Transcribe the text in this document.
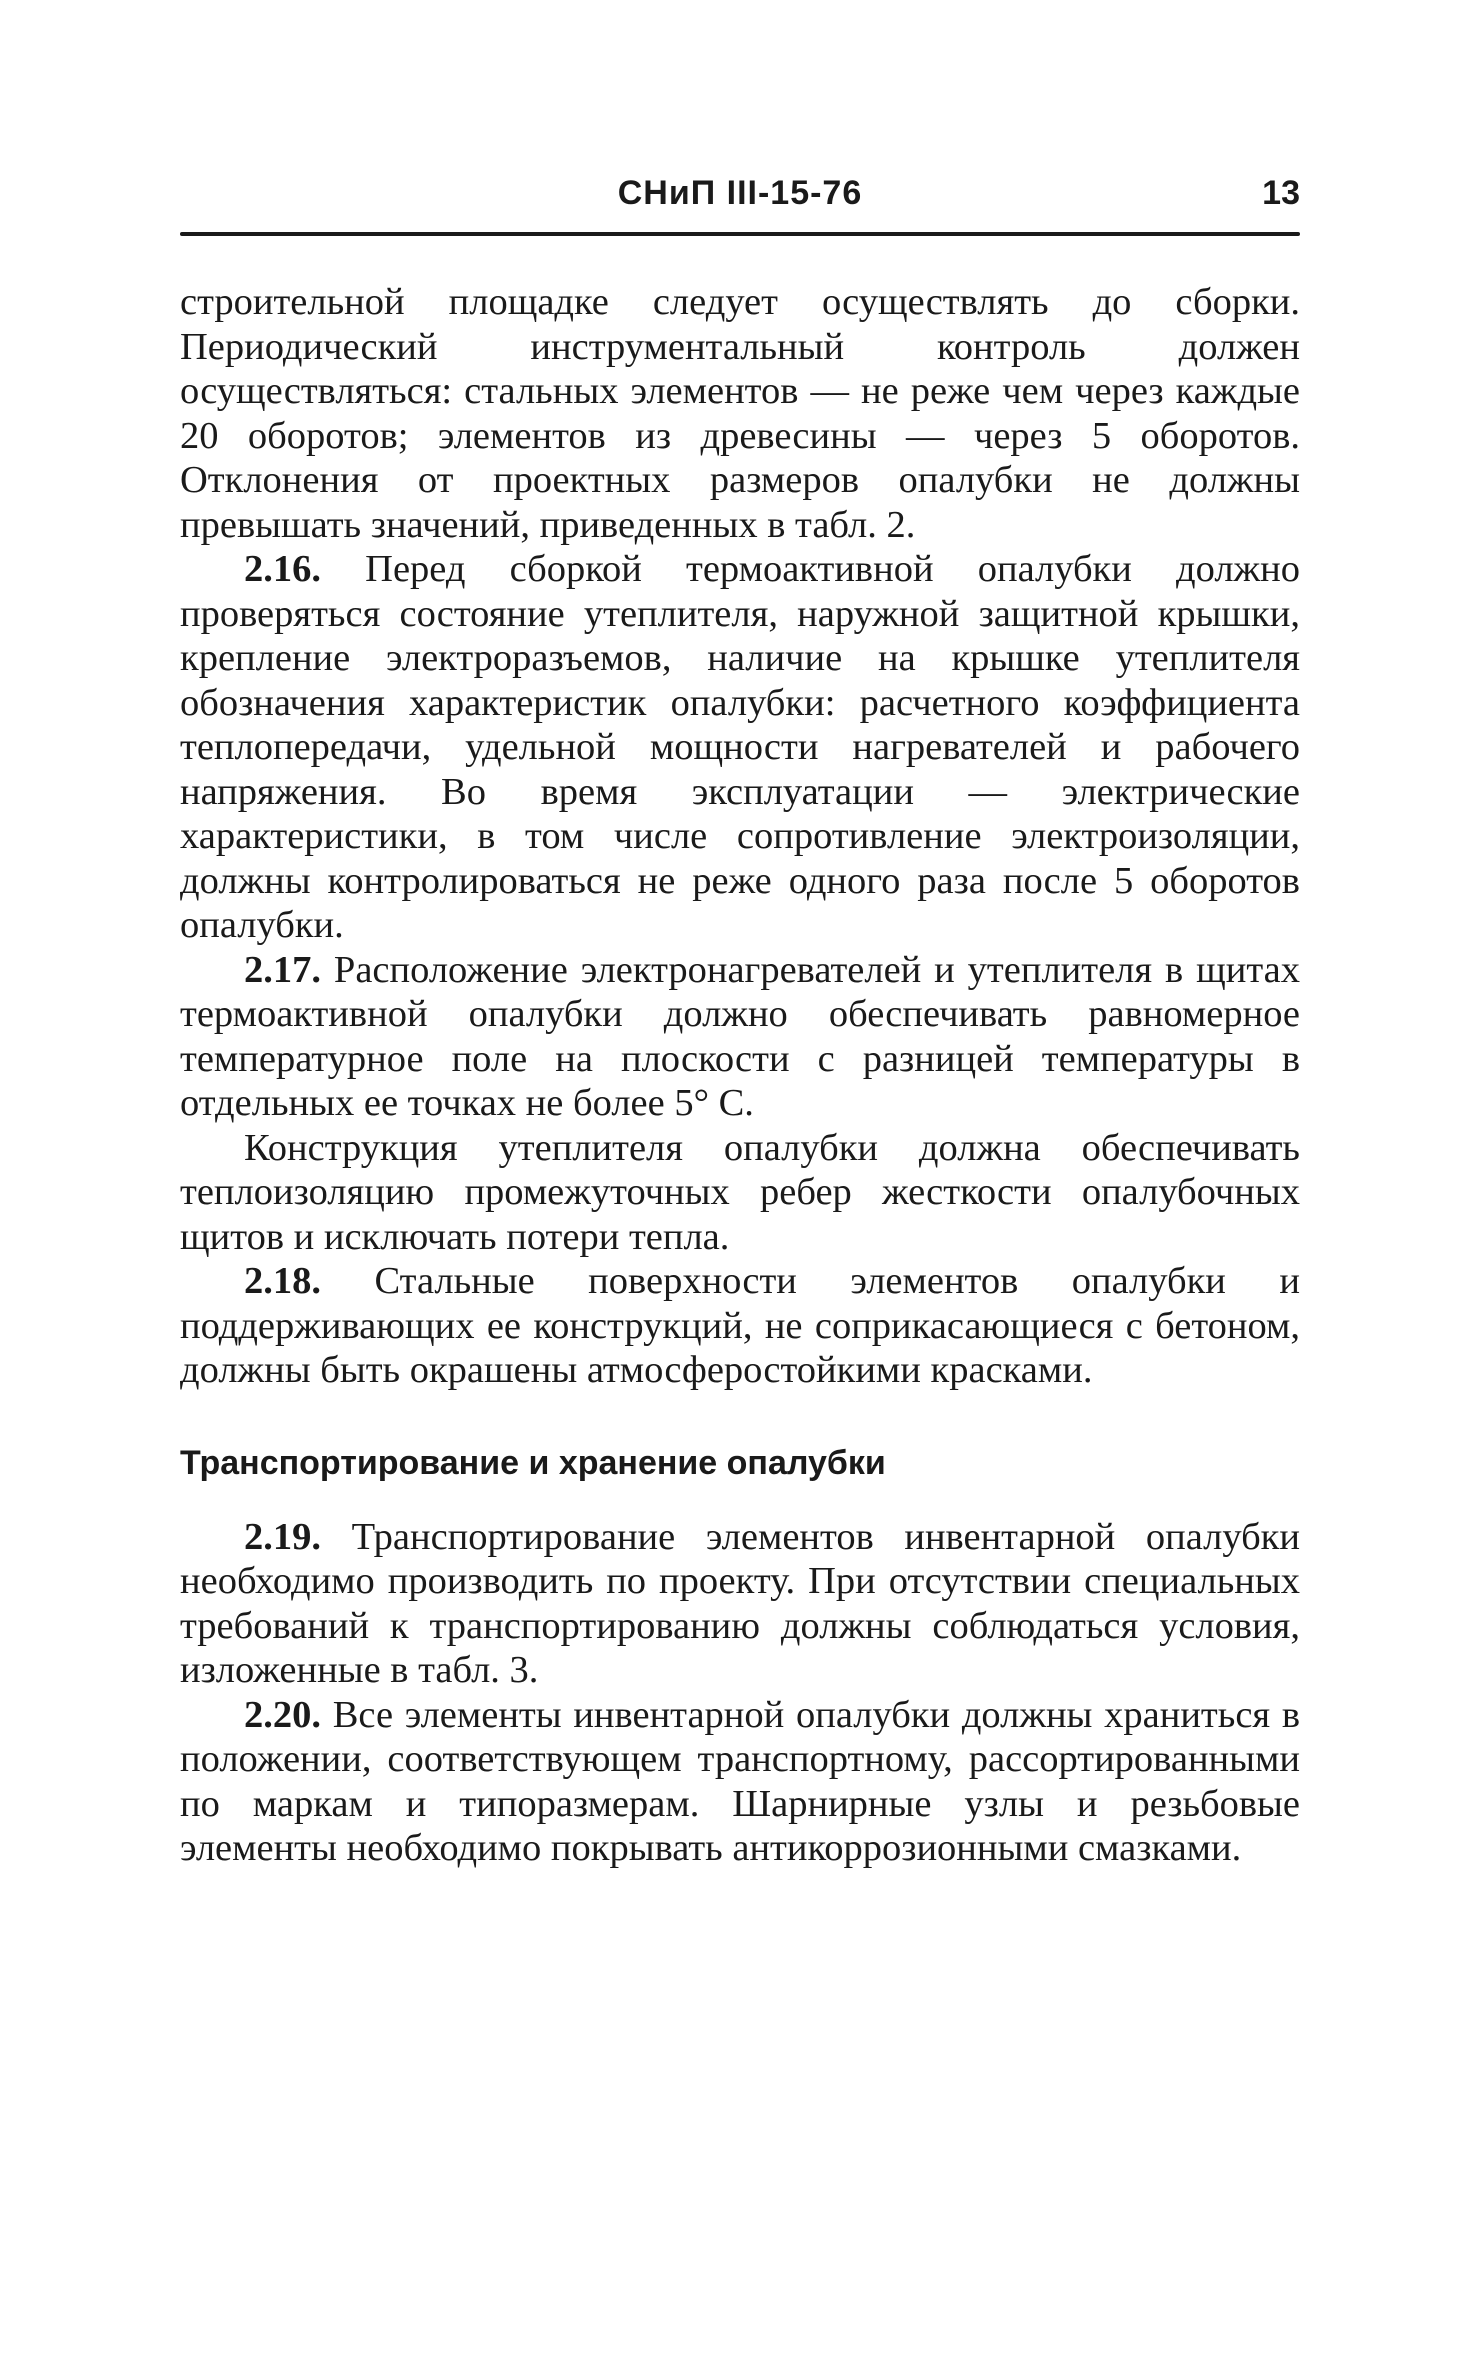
СНиП III-15-76	13

строительной площадке следует осуществлять до сборки. Периодический инструментальный контроль должен осуществляться: стальных элементов — не реже чем через каждые 20 оборотов; элементов из древесины — через 5 оборотов. Отклонения от проектных размеров опалубки не должны превышать значений, приведенных в табл. 2.

2.16. Перед сборкой термоактивной опалубки должно проверяться состояние утеплителя, наружной защитной крышки, крепление электроразъемов, наличие на крышке утеплителя обозначения характеристик опалубки: расчетного коэффициента теплопередачи, удельной мощности нагревателей и рабочего напряжения. Во время эксплуатации — электрические характеристики, в том числе сопротивление электроизоляции, должны контролироваться не реже одного раза после 5 оборотов опалубки.

2.17. Расположение электронагревателей и утеплителя в щитах термоактивной опалубки должно обеспечивать равномерное температурное поле на плоскости с разницей температуры в отдельных ее точках не более 5° С.

Конструкция утеплителя опалубки должна обеспечивать теплоизоляцию промежуточных ребер жесткости опалубочных щитов и исключать потери тепла.

2.18. Стальные поверхности элементов опалубки и поддерживающих ее конструкций, не соприкасающиеся с бетоном, должны быть окрашены атмосферостойкими красками.

Транспортирование и хранение опалубки

2.19. Транспортирование элементов инвентарной опалубки необходимо производить по проекту. При отсутствии специальных требований к транспортированию должны соблюдаться условия, изложенные в табл. 3.

2.20. Все элементы инвентарной опалубки должны храниться в положении, соответствующем транспортному, рассортированными по маркам и типоразмерам. Шарнирные узлы и резьбовые элементы необходимо покрывать антикоррозионными смазками.
